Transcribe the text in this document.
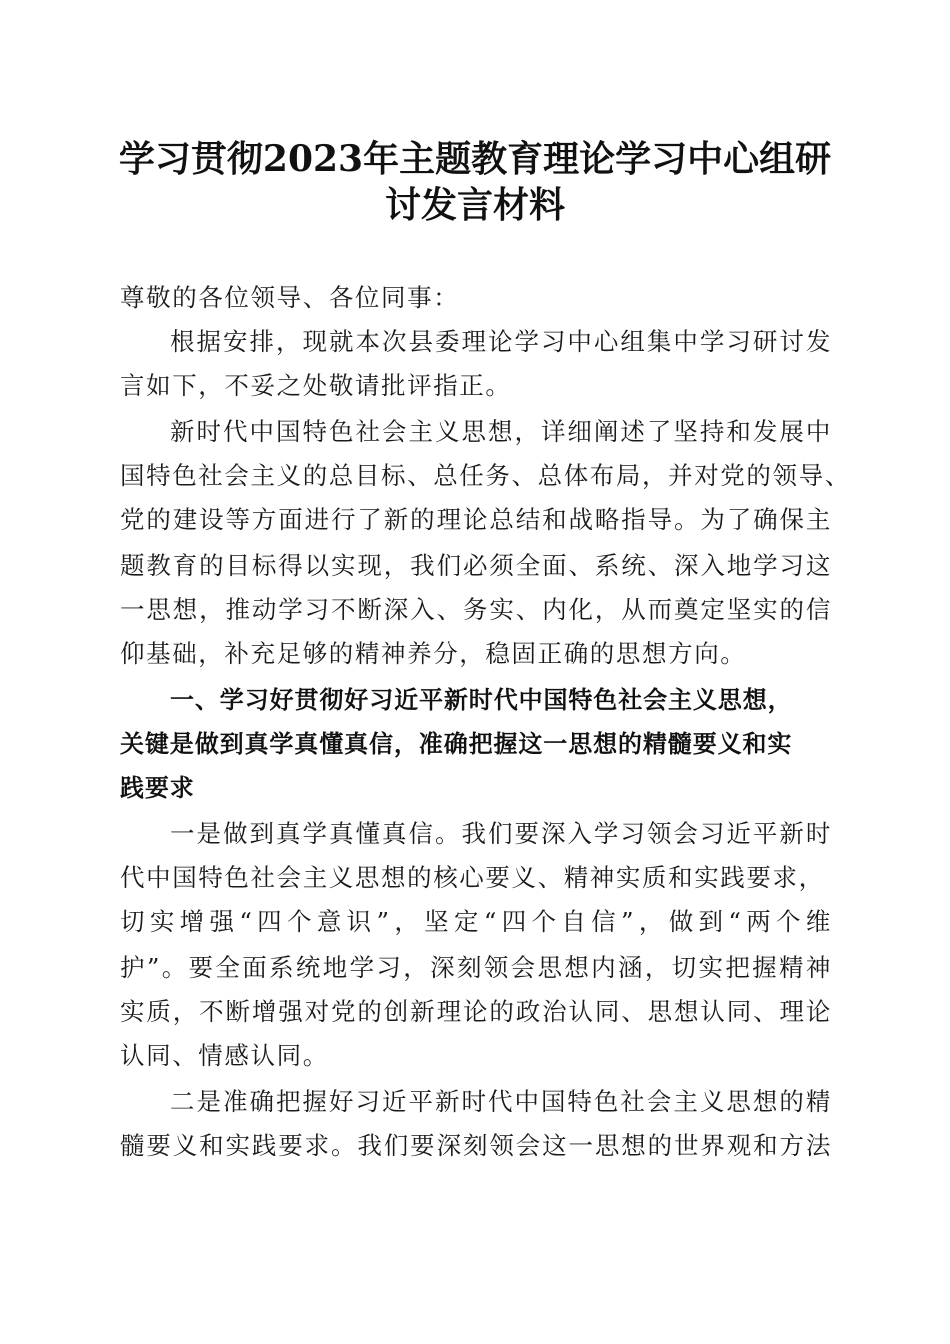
学习贯彻2023年主题教育理论学习中心组研
讨发言材料
尊敬的各位领导、各位同事：
根据安排，现就本次县委理论学习中心组集中学习研讨发
言如下，不妥之处敬请批评指正。
新时代中国特色社会主义思想，详细阐述了坚持和发展中
国特色社会主义的总目标、总任务、总体布局，并对党的领导、
党的建设等方面进行了新的理论总结和战略指导。为了确保主
题教育的目标得以实现，我们必须全面、系统、深入地学习这
一思想，推动学习不断深入、务实、内化，从而奠定坚实的信
仰基础，补充足够的精神养分，稳固正确的思想方向。
一、学习好贯彻好习近平新时代中国特色社会主义思想，
关键是做到真学真懂真信，准确把握这一思想的精髓要义和实
践要求
一是做到真学真懂真信。我们要深入学习领会习近平新时
代中国特色社会主义思想的核心要义、精神实质和实践要求，
切实增强“四个意识”，坚定“四个自信”，做到“两个维
护”。要全面系统地学习，深刻领会思想内涵，切实把握精神
实质，不断增强对党的创新理论的政治认同、思想认同、理论
认同、情感认同。
二是准确把握好习近平新时代中国特色社会主义思想的精
髓要义和实践要求。我们要深刻领会这一思想的世界观和方法
